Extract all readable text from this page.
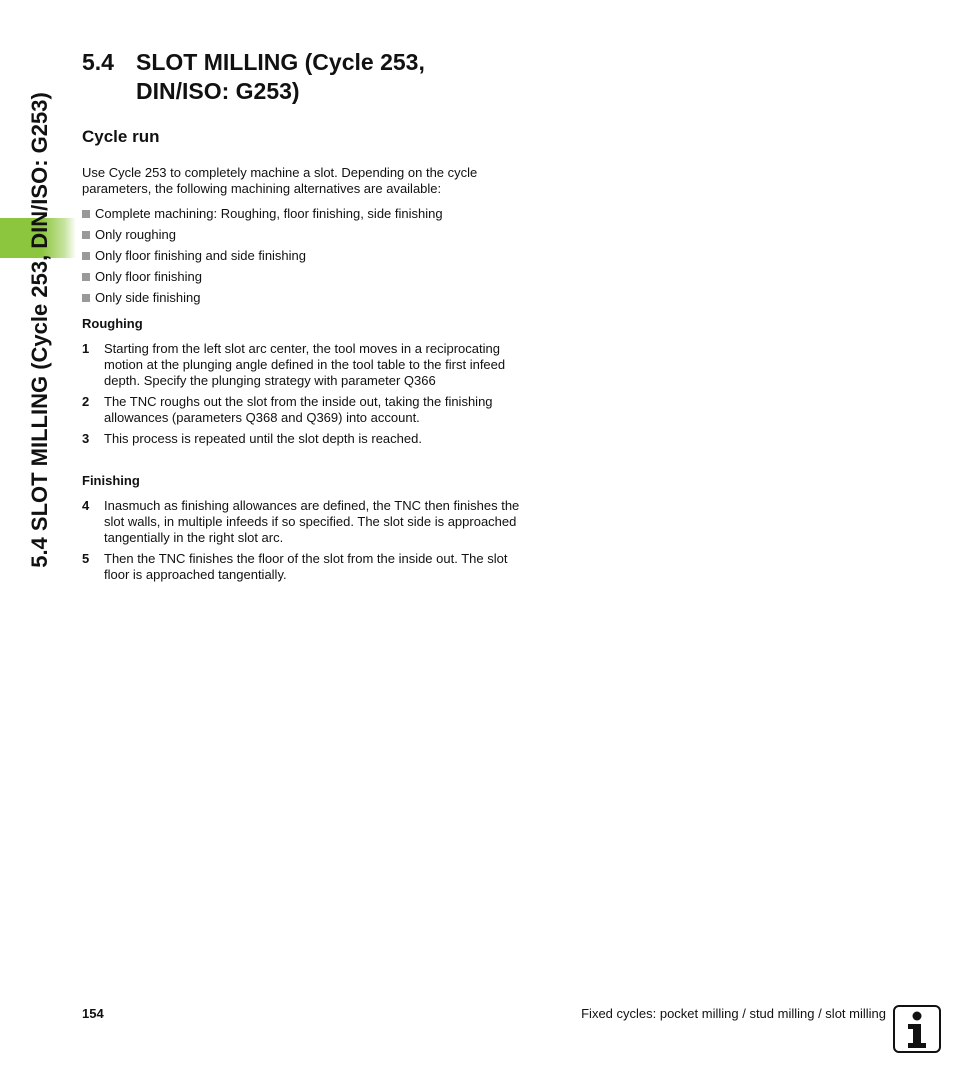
5.4 SLOT MILLING (Cycle 253, DIN/ISO: G253)
5.4 SLOT MILLING (Cycle 253, DIN/ISO: G253)
Cycle run

Use Cycle 253 to completely machine a slot. Depending on the cycle parameters, the following machining alternatives are available:

Complete machining: Roughing, floor finishing, side finishing
Only roughing
Only floor finishing and side finishing
Only floor finishing
Only side finishing
Roughing
1	Starting from the left slot arc center, the tool moves in a reciprocating motion at the plunging angle defined in the tool table to the first infeed depth. Specify the plunging strategy with parameter Q366
2	The TNC roughs out the slot from the inside out, taking the finishing allowances (parameters Q368 and Q369) into account.
3	This process is repeated until the slot depth is reached.
Finishing
4	Inasmuch as finishing allowances are defined, the TNC then finishes the slot walls, in multiple infeeds if so specified. The slot side is approached tangentially in the right slot arc.
5	Then the TNC finishes the floor of the slot from the inside out. The slot floor is approached tangentially.
154	Fixed cycles: pocket milling / stud milling / slot milling
